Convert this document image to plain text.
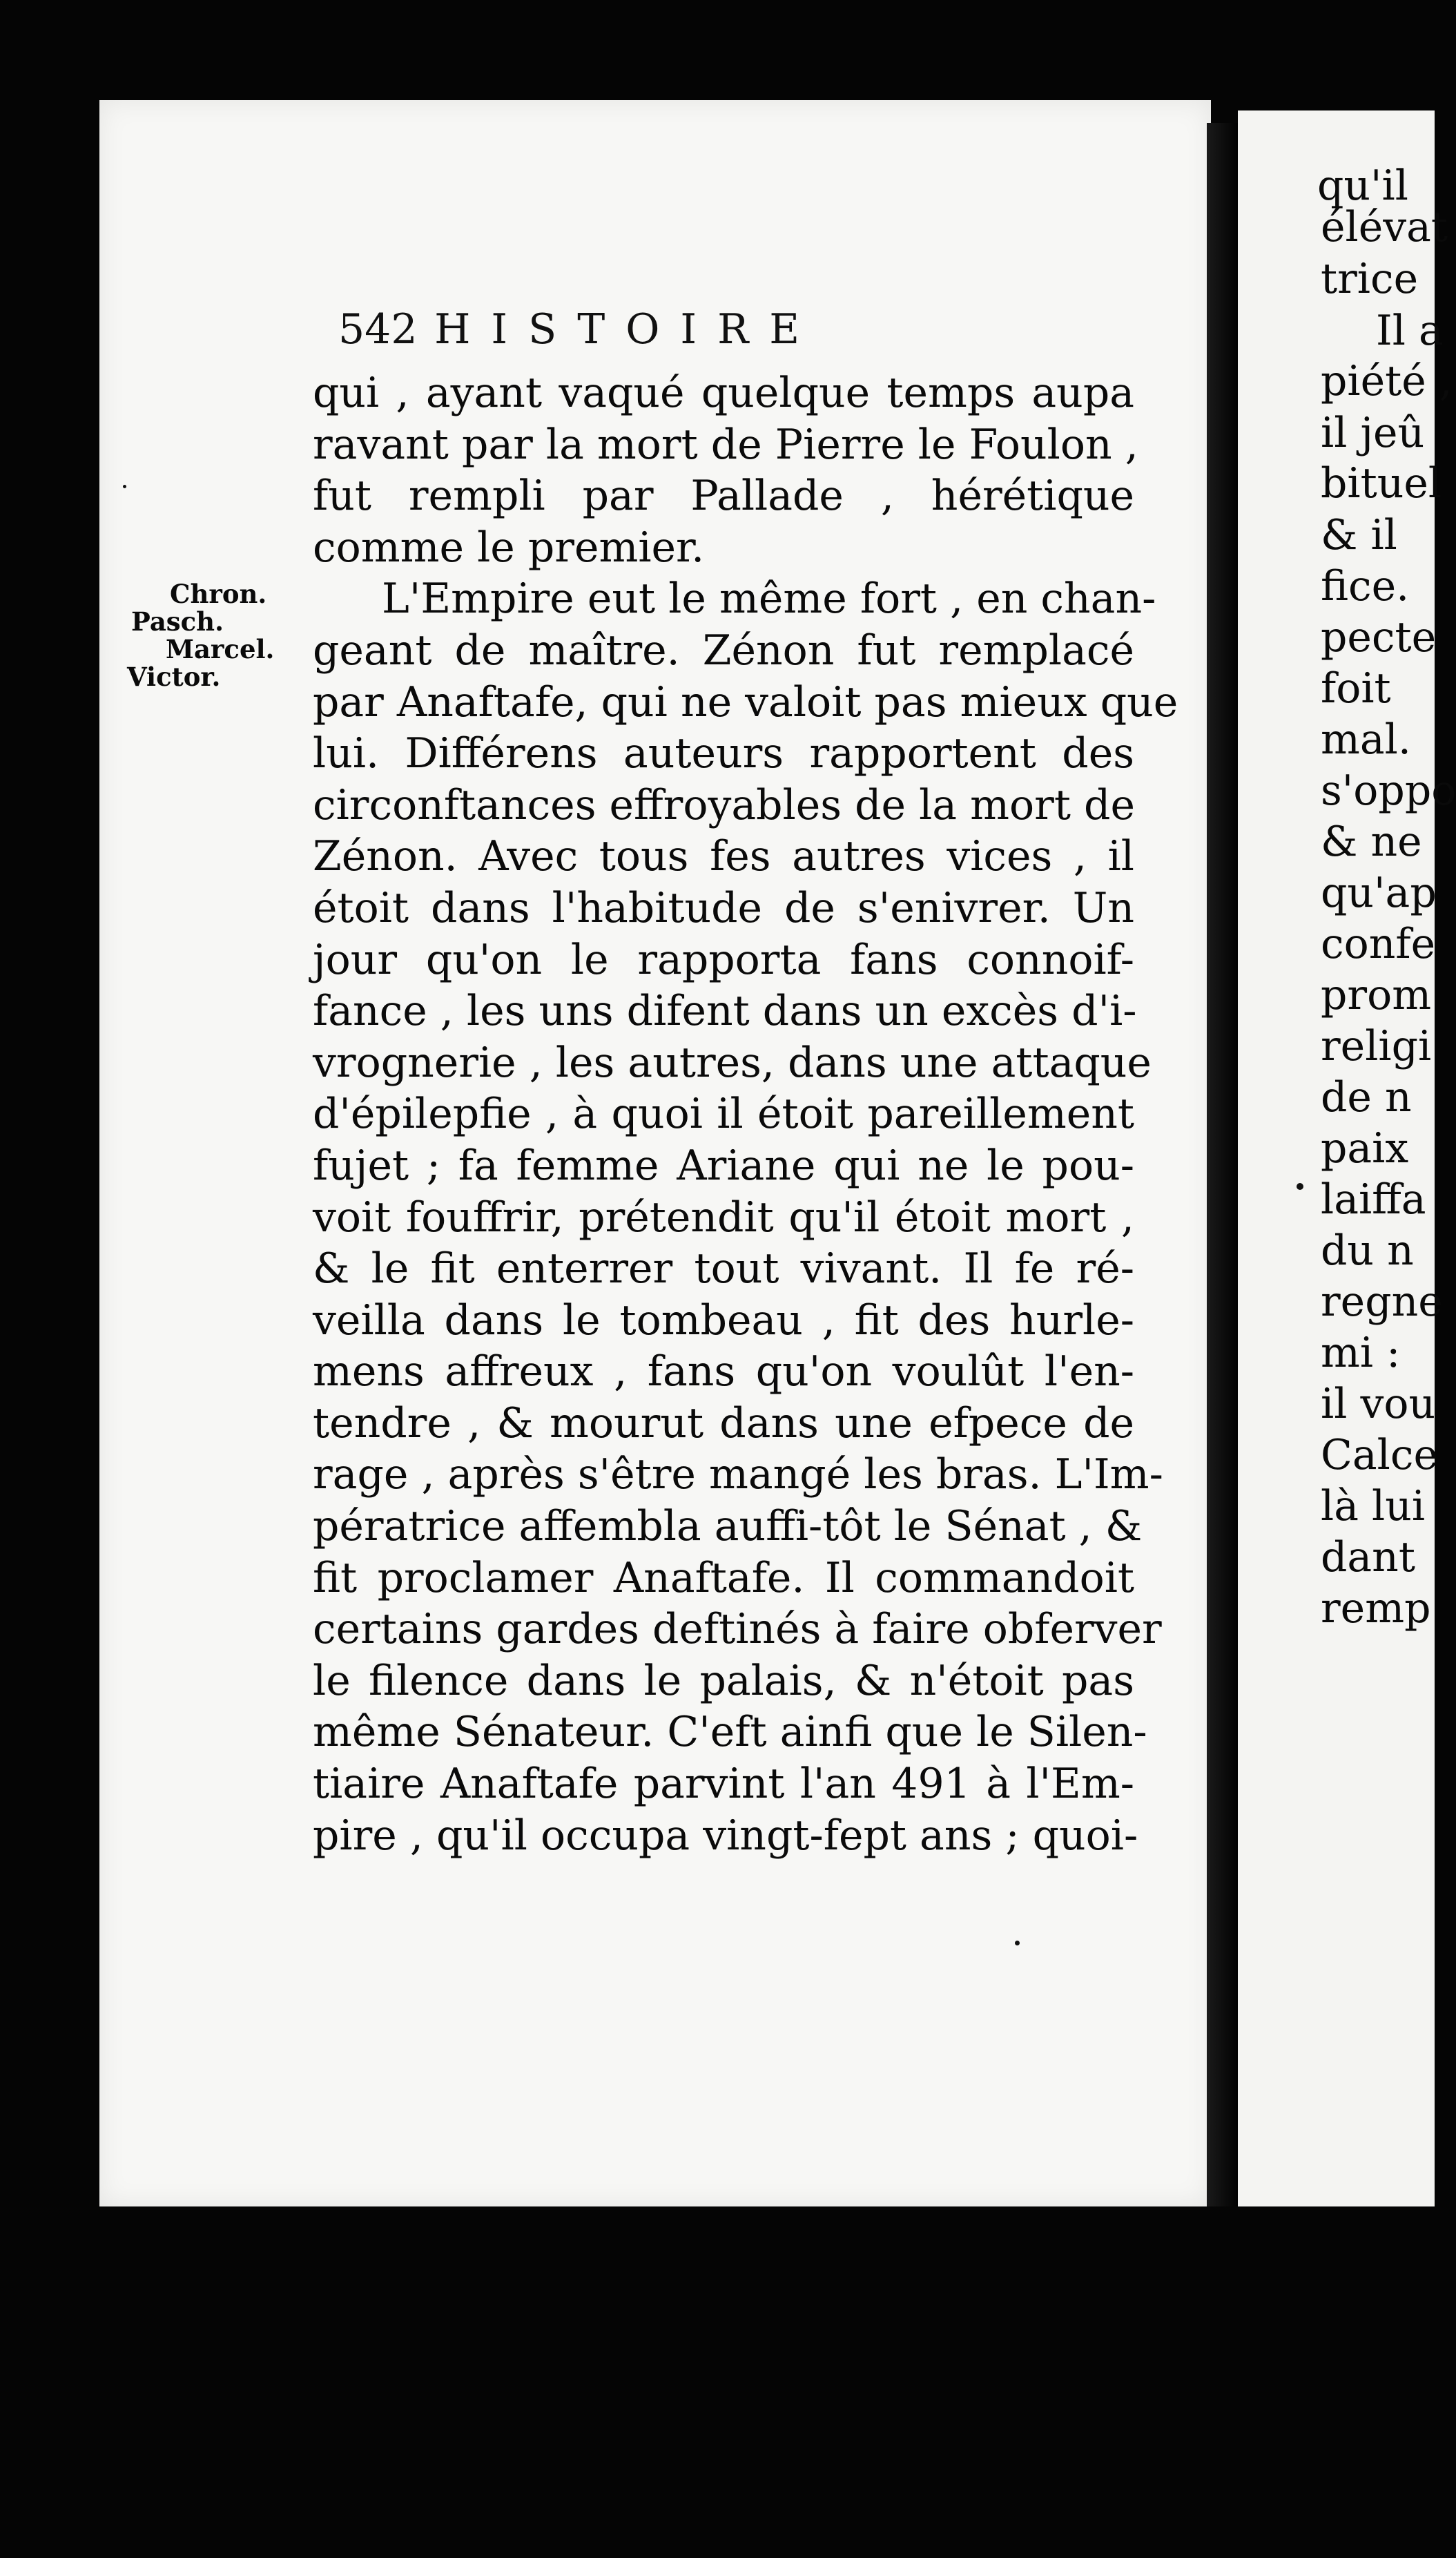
qu'il
élévat
trice
Il a
piété ,
il jeû
bituel
& il
fice.
pecte
foit
mal.
s'oppo
& ne
qu'ap
confe
prom
religi
de n
paix
laiffa
du n
regne
mi :
il vou
Calce
là lui
dant
remp
542 HISTOIRE
Chron.
Pasch.
Marcel.
Victor.
qui , ayant vaqué quelque temps aupa
ravant par la mort de Pierre le Foulon ,
fut rempli par Pallade , hérétique
comme le premier.
L'Empire eut le même fort , en chan-
geant de maître. Zénon fut remplacé
par Anaftafe, qui ne valoit pas mieux que
lui. Différens auteurs rapportent des
circonftances effroyables de la mort de
Zénon. Avec tous fes autres vices , il
étoit dans l'habitude de s'enivrer. Un
jour qu'on le rapporta fans connoif-
fance , les uns difent dans un excès d'i-
vrognerie , les autres, dans une attaque
d'épilepfie , à quoi il étoit pareillement
fujet ; fa femme Ariane qui ne le pou-
voit fouffrir, prétendit qu'il étoit mort ,
& le fit enterrer tout vivant. Il fe ré-
veilla dans le tombeau , fit des hurle-
mens affreux , fans qu'on voulût l'en-
tendre , & mourut dans une efpece de
rage , après s'être mangé les bras. L'Im-
pératrice affembla auffi-tôt le Sénat , &
fit proclamer Anaftafe. Il commandoit
certains gardes deftinés à faire obferver
le filence dans le palais, & n'étoit pas
même Sénateur. C'eft ainfi que le Silen-
tiaire Anaftafe parvint l'an 491 à l'Em-
pire , qu'il occupa vingt-fept ans ; quoi-
